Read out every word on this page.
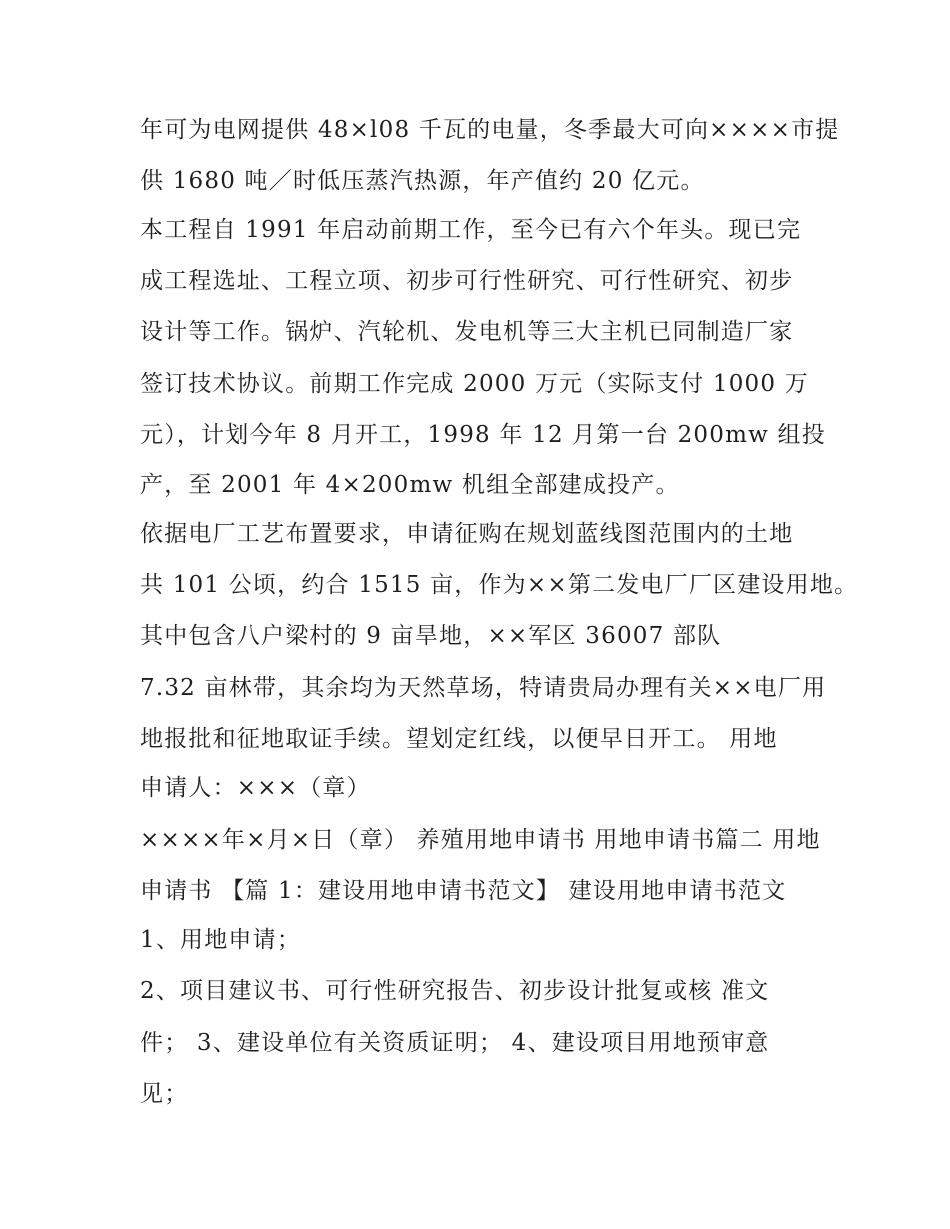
年可为电网提供 48×l08 千瓦的电量，冬季最大可向××××市提
供 1680 吨／时低压蒸汽热源，年产值约 20 亿元。
本工程自 1991 年启动前期工作，至今已有六个年头。现已完
成工程选址、工程立项、初步可行性研究、可行性研究、初步
设计等工作。锅炉、汽轮机、发电机等三大主机已同制造厂家
签订技术协议。前期工作完成 2000 万元（实际支付 1000 万
元），计划今年 8 月开工，1998 年 12 月第一台 200mw 组投
产，至 2001 年 4×200mw 机组全部建成投产。
依据电厂工艺布置要求，申请征购在规划蓝线图范围内的土地
共 101 公顷，约合 1515 亩，作为××第二发电厂厂区建设用地。
其中包含八户梁村的 9 亩旱地，××军区 36007 部队
7.32 亩林带，其余均为天然草场，特请贵局办理有关××电厂用
地报批和征地取证手续。望划定红线，以便早日开工。 用地
申请人：×××（章）
××××年×月×日（章） 养殖用地申请书 用地申请书篇二 用地
申请书 【篇 1：建设用地申请书范文】 建设用地申请书范文
1、用地申请；
2、项目建议书、可行性研究报告、初步设计批复或核 准文
件； 3、建设单位有关资质证明； 4、建设项目用地预审意
见；
